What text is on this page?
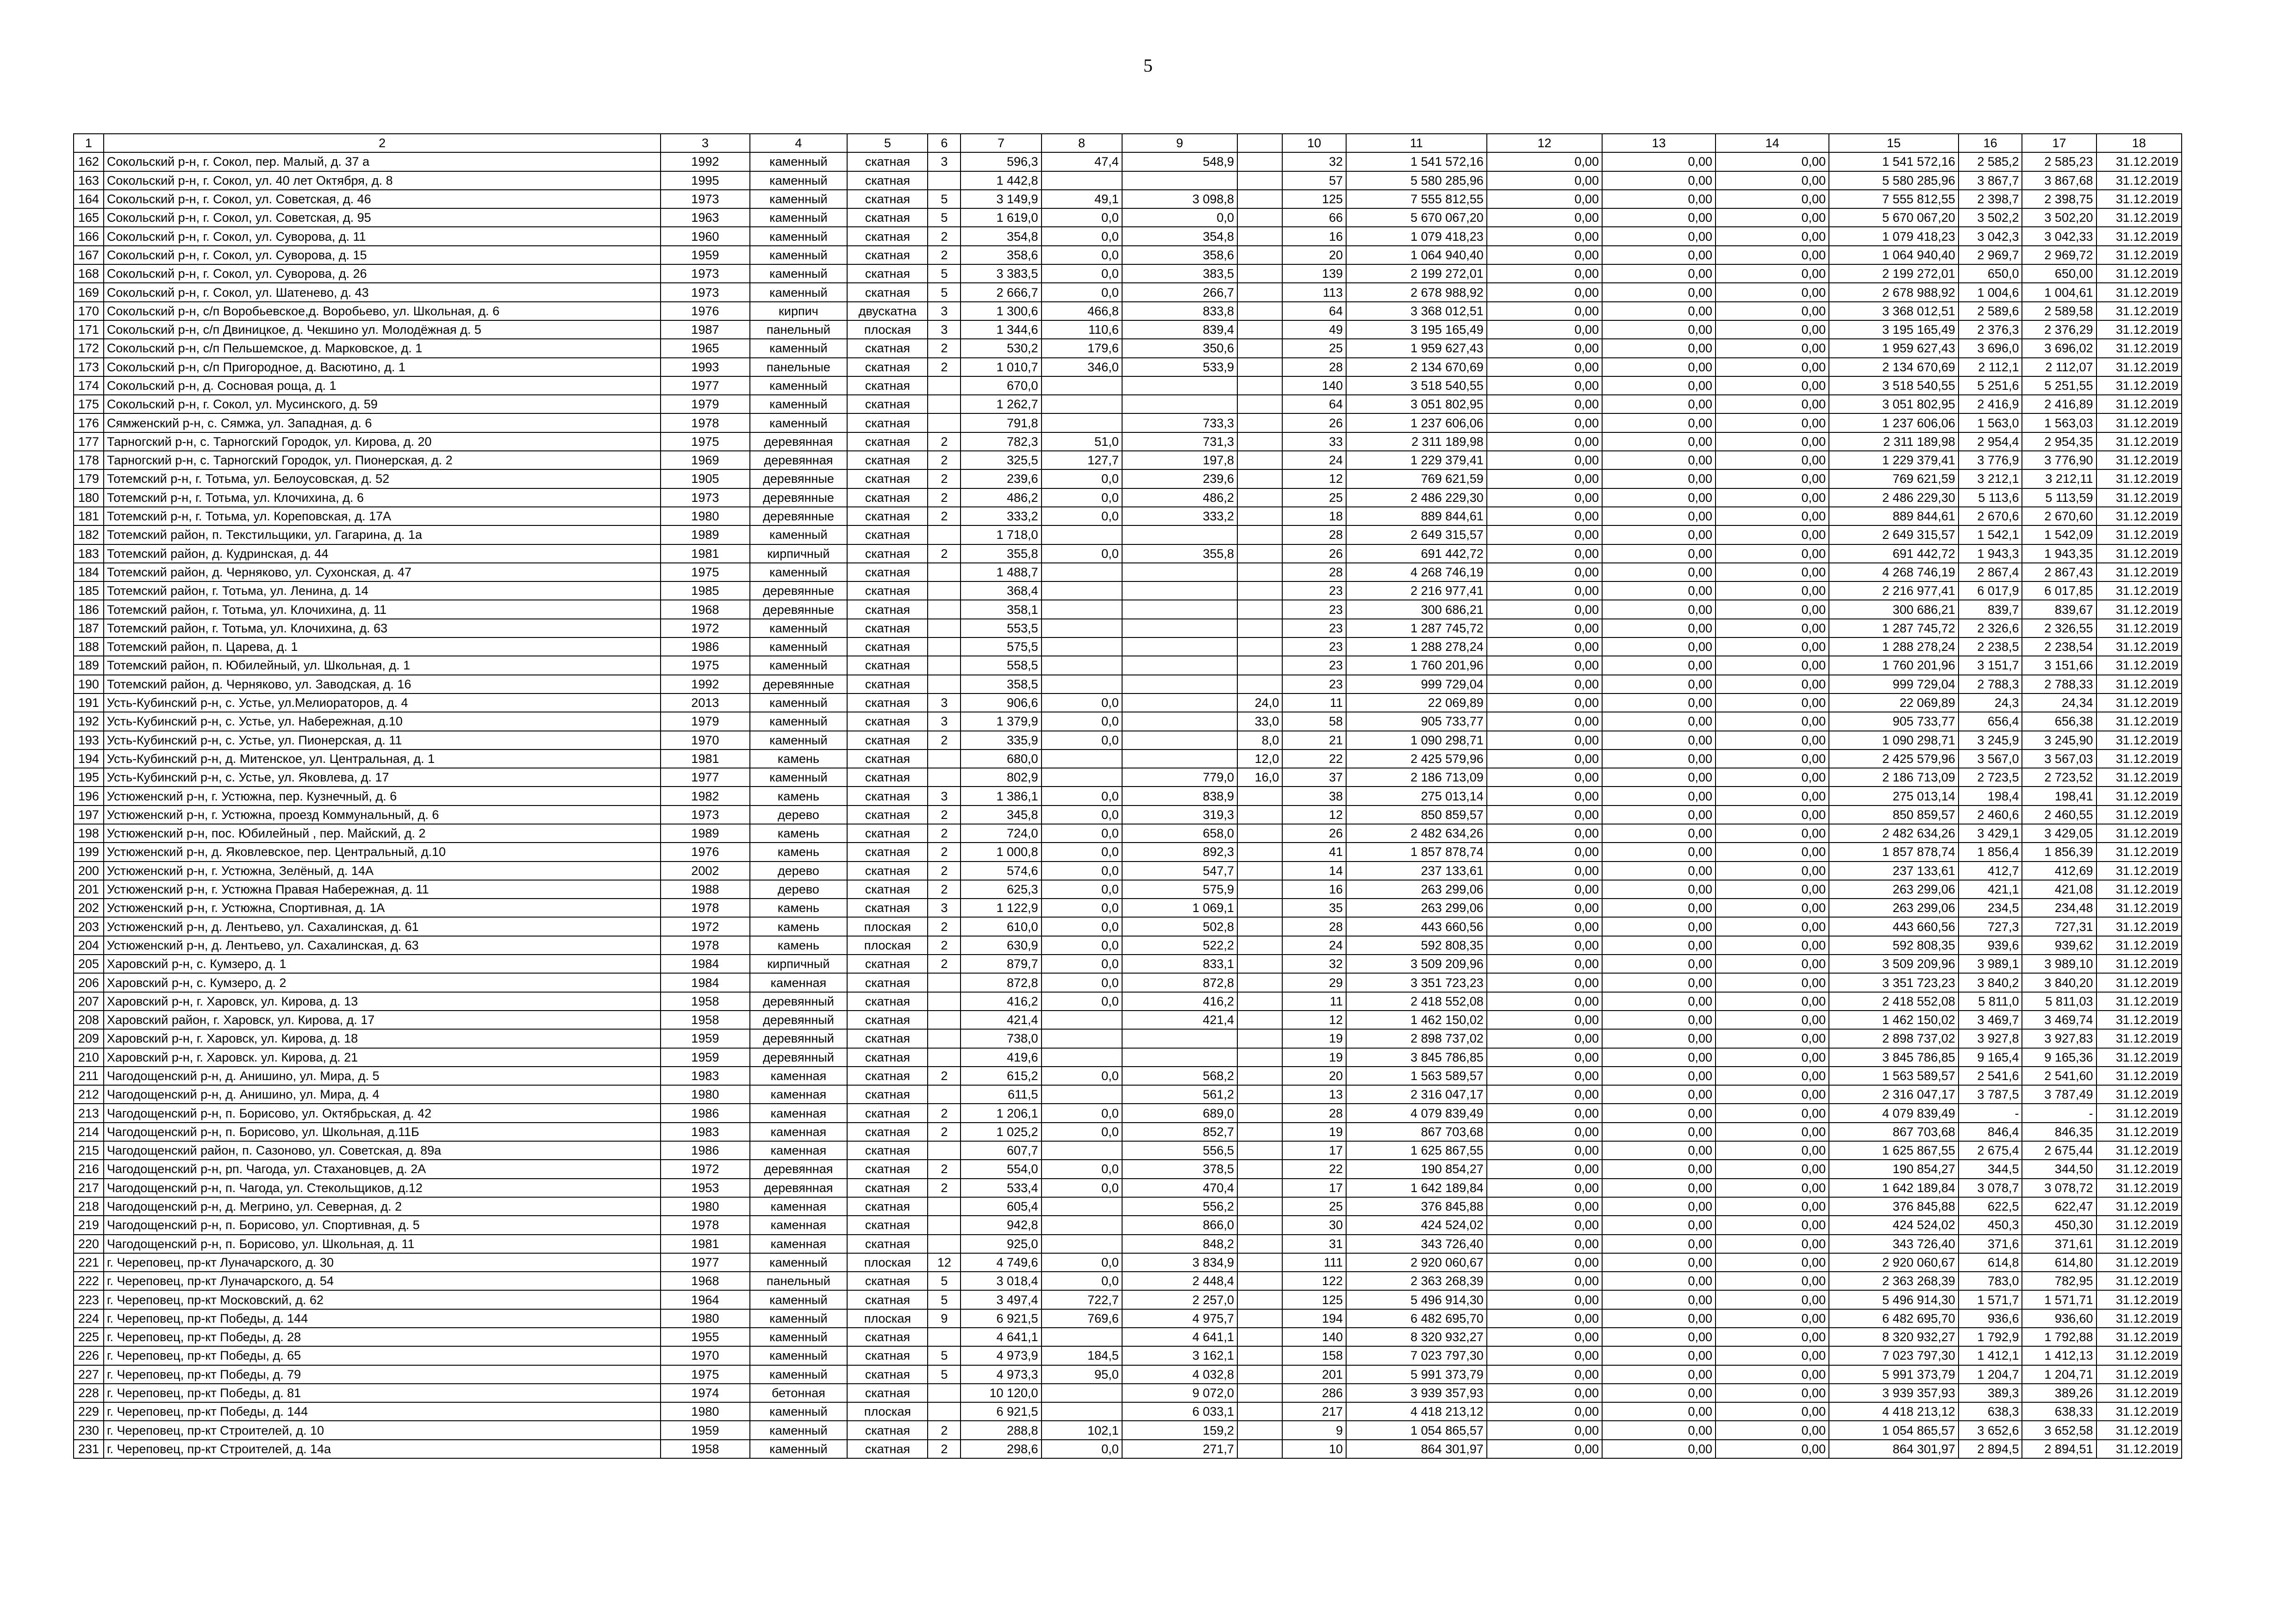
5
1	2	3	4	5	6	7	8	9		10	11	12	13	14	15	16	17	18
162	Сокольский р-н, г. Сокол, пер. Малый, д. 37 а	1992	каменный	скатная	3	596,3	47,4	548,9		32	1 541 572,16	0,00	0,00	0,00	1 541 572,16	2 585,2	2 585,23	31.12.2019
163	Сокольский р-н, г. Сокол, ул. 40 лет Октября, д. 8	1995	каменный	скатная		1 442,8				57	5 580 285,96	0,00	0,00	0,00	5 580 285,96	3 867,7	3 867,68	31.12.2019
164	Сокольский р-н, г. Сокол, ул. Советская, д. 46	1973	каменный	скатная	5	3 149,9	49,1	3 098,8		125	7 555 812,55	0,00	0,00	0,00	7 555 812,55	2 398,7	2 398,75	31.12.2019
165	Сокольский р-н, г. Сокол, ул. Советская, д. 95	1963	каменный	скатная	5	1 619,0	0,0	0,0		66	5 670 067,20	0,00	0,00	0,00	5 670 067,20	3 502,2	3 502,20	31.12.2019
166	Сокольский р-н, г. Сокол, ул. Суворова, д. 11	1960	каменный	скатная	2	354,8	0,0	354,8		16	1 079 418,23	0,00	0,00	0,00	1 079 418,23	3 042,3	3 042,33	31.12.2019
167	Сокольский р-н, г. Сокол, ул. Суворова, д. 15	1959	каменный	скатная	2	358,6	0,0	358,6		20	1 064 940,40	0,00	0,00	0,00	1 064 940,40	2 969,7	2 969,72	31.12.2019
168	Сокольский р-н, г. Сокол, ул. Суворова, д. 26	1973	каменный	скатная	5	3 383,5	0,0	383,5		139	2 199 272,01	0,00	0,00	0,00	2 199 272,01	650,0	650,00	31.12.2019
169	Сокольский р-н, г. Сокол, ул. Шатенево, д. 43	1973	каменный	скатная	5	2 666,7	0,0	266,7		113	2 678 988,92	0,00	0,00	0,00	2 678 988,92	1 004,6	1 004,61	31.12.2019
170	Сокольский р-н, с/п Воробьевское,д. Воробьево, ул. Школьная, д. 6	1976	кирпич	двускатна	3	1 300,6	466,8	833,8		64	3 368 012,51	0,00	0,00	0,00	3 368 012,51	2 589,6	2 589,58	31.12.2019
171	Сокольский р-н, с/п Двиницкое, д. Чекшино ул. Молодёжная д. 5	1987	панельный	плоская	3	1 344,6	110,6	839,4		49	3 195 165,49	0,00	0,00	0,00	3 195 165,49	2 376,3	2 376,29	31.12.2019
172	Сокольский р-н, с/п Пельшемское, д. Марковское, д. 1	1965	каменный	скатная	2	530,2	179,6	350,6		25	1 959 627,43	0,00	0,00	0,00	1 959 627,43	3 696,0	3 696,02	31.12.2019
173	Сокольский р-н, с/п Пригородное, д. Васютино, д. 1	1993	панельные	скатная	2	1 010,7	346,0	533,9		28	2 134 670,69	0,00	0,00	0,00	2 134 670,69	2 112,1	2 112,07	31.12.2019
174	Сокольский р-н, д. Сосновая роща, д. 1	1977	каменный	скатная		670,0				140	3 518 540,55	0,00	0,00	0,00	3 518 540,55	5 251,6	5 251,55	31.12.2019
175	Сокольский р-н, г. Сокол, ул. Мусинского, д. 59	1979	каменный	скатная		1 262,7				64	3 051 802,95	0,00	0,00	0,00	3 051 802,95	2 416,9	2 416,89	31.12.2019
176	Сямженский р-н, с. Сямжа, ул. Западная, д. 6	1978	каменный	скатная		791,8		733,3		26	1 237 606,06	0,00	0,00	0,00	1 237 606,06	1 563,0	1 563,03	31.12.2019
177	Тарногский р-н, с. Тарногский Городок, ул. Кирова, д. 20	1975	деревянная	скатная	2	782,3	51,0	731,3		33	2 311 189,98	0,00	0,00	0,00	2 311 189,98	2 954,4	2 954,35	31.12.2019
178	Тарногский р-н, с. Тарногский Городок, ул. Пионерская, д. 2	1969	деревянная	скатная	2	325,5	127,7	197,8		24	1 229 379,41	0,00	0,00	0,00	1 229 379,41	3 776,9	3 776,90	31.12.2019
179	Тотемский р-н, г. Тотьма, ул. Белоусовская, д. 52	1905	деревянные	скатная	2	239,6	0,0	239,6		12	769 621,59	0,00	0,00	0,00	769 621,59	3 212,1	3 212,11	31.12.2019
180	Тотемский р-н, г. Тотьма, ул. Клочихина, д. 6	1973	деревянные	скатная	2	486,2	0,0	486,2		25	2 486 229,30	0,00	0,00	0,00	2 486 229,30	5 113,6	5 113,59	31.12.2019
181	Тотемский р-н, г. Тотьма, ул. Кореповская, д. 17А	1980	деревянные	скатная	2	333,2	0,0	333,2		18	889 844,61	0,00	0,00	0,00	889 844,61	2 670,6	2 670,60	31.12.2019
182	Тотемский район, п. Текстильщики, ул. Гагарина, д. 1а	1989	каменный	скатная		1 718,0				28	2 649 315,57	0,00	0,00	0,00	2 649 315,57	1 542,1	1 542,09	31.12.2019
183	Тотемский район, д. Кудринская, д. 44	1981	кирпичный	скатная	2	355,8	0,0	355,8		26	691 442,72	0,00	0,00	0,00	691 442,72	1 943,3	1 943,35	31.12.2019
184	Тотемский район, д. Черняково, ул. Сухонская, д. 47	1975	каменный	скатная		1 488,7				28	4 268 746,19	0,00	0,00	0,00	4 268 746,19	2 867,4	2 867,43	31.12.2019
185	Тотемский район, г. Тотьма, ул. Ленина, д. 14	1985	деревянные	скатная		368,4				23	2 216 977,41	0,00	0,00	0,00	2 216 977,41	6 017,9	6 017,85	31.12.2019
186	Тотемский район, г. Тотьма, ул. Клочихина, д. 11	1968	деревянные	скатная		358,1				23	300 686,21	0,00	0,00	0,00	300 686,21	839,7	839,67	31.12.2019
187	Тотемский район, г. Тотьма, ул. Клочихина, д. 63	1972	каменный	скатная		553,5				23	1 287 745,72	0,00	0,00	0,00	1 287 745,72	2 326,6	2 326,55	31.12.2019
188	Тотемский район, п. Царева, д. 1	1986	каменный	скатная		575,5				23	1 288 278,24	0,00	0,00	0,00	1 288 278,24	2 238,5	2 238,54	31.12.2019
189	Тотемский район, п. Юбилейный, ул. Школьная, д. 1	1975	каменный	скатная		558,5				23	1 760 201,96	0,00	0,00	0,00	1 760 201,96	3 151,7	3 151,66	31.12.2019
190	Тотемский район, д. Черняково, ул. Заводская, д. 16	1992	деревянные	скатная		358,5				23	999 729,04	0,00	0,00	0,00	999 729,04	2 788,3	2 788,33	31.12.2019
191	Усть-Кубинский р-н, с. Устье, ул.Мелиораторов, д. 4	2013	каменный	скатная	3	906,6	0,0		24,0	11	22 069,89	0,00	0,00	0,00	22 069,89	24,3	24,34	31.12.2019
192	Усть-Кубинский р-н, с. Устье, ул. Набережная, д.10	1979	каменный	скатная	3	1 379,9	0,0		33,0	58	905 733,77	0,00	0,00	0,00	905 733,77	656,4	656,38	31.12.2019
193	Усть-Кубинский р-н, с. Устье, ул. Пионерская, д. 11	1970	каменный	скатная	2	335,9	0,0		8,0	21	1 090 298,71	0,00	0,00	0,00	1 090 298,71	3 245,9	3 245,90	31.12.2019
194	Усть-Кубинский р-н, д. Митенское, ул. Центральная, д. 1	1981	камень	скатная		680,0			12,0	22	2 425 579,96	0,00	0,00	0,00	2 425 579,96	3 567,0	3 567,03	31.12.2019
195	Усть-Кубинский р-н, с. Устье, ул. Яковлева, д. 17	1977	каменный	скатная		802,9		779,0	16,0	37	2 186 713,09	0,00	0,00	0,00	2 186 713,09	2 723,5	2 723,52	31.12.2019
196	Устюженский р-н, г. Устюжна, пер. Кузнечный, д. 6	1982	камень	скатная	3	1 386,1	0,0	838,9		38	275 013,14	0,00	0,00	0,00	275 013,14	198,4	198,41	31.12.2019
197	Устюженский р-н, г. Устюжна, проезд Коммунальный, д. 6	1973	дерево	скатная	2	345,8	0,0	319,3		12	850 859,57	0,00	0,00	0,00	850 859,57	2 460,6	2 460,55	31.12.2019
198	Устюженский р-н, пос. Юбилейный , пер. Майский, д. 2	1989	камень	скатная	2	724,0	0,0	658,0		26	2 482 634,26	0,00	0,00	0,00	2 482 634,26	3 429,1	3 429,05	31.12.2019
199	Устюженский р-н, д. Яковлевское, пер. Центральный, д.10	1976	камень	скатная	2	1 000,8	0,0	892,3		41	1 857 878,74	0,00	0,00	0,00	1 857 878,74	1 856,4	1 856,39	31.12.2019
200	Устюженский р-н, г. Устюжна, Зелёный, д. 14А	2002	дерево	скатная	2	574,6	0,0	547,7		14	237 133,61	0,00	0,00	0,00	237 133,61	412,7	412,69	31.12.2019
201	Устюженский р-н, г. Устюжна Правая Набережная, д. 11	1988	дерево	скатная	2	625,3	0,0	575,9		16	263 299,06	0,00	0,00	0,00	263 299,06	421,1	421,08	31.12.2019
202	Устюженский р-н, г. Устюжна, Спортивная, д. 1А	1978	камень	скатная	3	1 122,9	0,0	1 069,1		35	263 299,06	0,00	0,00	0,00	263 299,06	234,5	234,48	31.12.2019
203	Устюженский р-н, д. Лентьево, ул. Сахалинская, д. 61	1972	камень	плоская	2	610,0	0,0	502,8		28	443 660,56	0,00	0,00	0,00	443 660,56	727,3	727,31	31.12.2019
204	Устюженский р-н, д. Лентьево, ул. Сахалинская, д. 63	1978	камень	плоская	2	630,9	0,0	522,2		24	592 808,35	0,00	0,00	0,00	592 808,35	939,6	939,62	31.12.2019
205	Харовский р-н, с. Кумзеро, д. 1	1984	кирпичный	скатная	2	879,7	0,0	833,1		32	3 509 209,96	0,00	0,00	0,00	3 509 209,96	3 989,1	3 989,10	31.12.2019
206	Харовский р-н, с. Кумзеро, д. 2	1984	каменная	скатная		872,8	0,0	872,8		29	3 351 723,23	0,00	0,00	0,00	3 351 723,23	3 840,2	3 840,20	31.12.2019
207	Харовский р-н, г. Харовск, ул. Кирова, д. 13	1958	деревянный	скатная		416,2	0,0	416,2		11	2 418 552,08	0,00	0,00	0,00	2 418 552,08	5 811,0	5 811,03	31.12.2019
208	Харовский район, г. Харовск, ул. Кирова, д. 17	1958	деревянный	скатная		421,4		421,4		12	1 462 150,02	0,00	0,00	0,00	1 462 150,02	3 469,7	3 469,74	31.12.2019
209	Харовский р-н, г. Харовск, ул. Кирова, д. 18	1959	деревянный	скатная		738,0				19	2 898 737,02	0,00	0,00	0,00	2 898 737,02	3 927,8	3 927,83	31.12.2019
210	Харовский р-н, г. Харовск. ул. Кирова, д. 21	1959	деревянный	скатная		419,6				19	3 845 786,85	0,00	0,00	0,00	3 845 786,85	9 165,4	9 165,36	31.12.2019
211	Чагодощенский р-н, д. Анишино, ул. Мира, д. 5	1983	каменная	скатная	2	615,2	0,0	568,2		20	1 563 589,57	0,00	0,00	0,00	1 563 589,57	2 541,6	2 541,60	31.12.2019
212	Чагодощенский р-н, д. Анишино, ул. Мира, д. 4	1980	каменная	скатная		611,5		561,2		13	2 316 047,17	0,00	0,00	0,00	2 316 047,17	3 787,5	3 787,49	31.12.2019
213	Чагодощенский р-н, п. Борисово, ул. Октябрьская, д. 42	1986	каменная	скатная	2	1 206,1	0,0	689,0		28	4 079 839,49	0,00	0,00	0,00	4 079 839,49	-	-	31.12.2019
214	Чагодощенский р-н, п. Борисово, ул. Школьная, д.11Б	1983	каменная	скатная	2	1 025,2	0,0	852,7		19	867 703,68	0,00	0,00	0,00	867 703,68	846,4	846,35	31.12.2019
215	Чагодощенский район, п. Сазоново, ул. Советская, д. 89а	1986	каменная	скатная		607,7		556,5		17	1 625 867,55	0,00	0,00	0,00	1 625 867,55	2 675,4	2 675,44	31.12.2019
216	Чагодощенский р-н, рп. Чагода, ул. Стахановцев, д. 2А	1972	деревянная	скатная	2	554,0	0,0	378,5		22	190 854,27	0,00	0,00	0,00	190 854,27	344,5	344,50	31.12.2019
217	Чагодощенский р-н, п. Чагода, ул. Стекольщиков, д.12	1953	деревянная	скатная	2	533,4	0,0	470,4		17	1 642 189,84	0,00	0,00	0,00	1 642 189,84	3 078,7	3 078,72	31.12.2019
218	Чагодощенский р-н, д. Мегрино, ул. Северная, д. 2	1980	каменная	скатная		605,4		556,2		25	376 845,88	0,00	0,00	0,00	376 845,88	622,5	622,47	31.12.2019
219	Чагодощенский р-н, п. Борисово, ул. Спортивная, д. 5	1978	каменная	скатная		942,8		866,0		30	424 524,02	0,00	0,00	0,00	424 524,02	450,3	450,30	31.12.2019
220	Чагодощенский р-н, п. Борисово, ул. Школьная, д. 11	1981	каменная	скатная		925,0		848,2		31	343 726,40	0,00	0,00	0,00	343 726,40	371,6	371,61	31.12.2019
221	г. Череповец, пр-кт Луначарского, д. 30	1977	каменный	плоская	12	4 749,6	0,0	3 834,9		111	2 920 060,67	0,00	0,00	0,00	2 920 060,67	614,8	614,80	31.12.2019
222	г. Череповец, пр-кт Луначарского, д. 54	1968	панельный	скатная	5	3 018,4	0,0	2 448,4		122	2 363 268,39	0,00	0,00	0,00	2 363 268,39	783,0	782,95	31.12.2019
223	г. Череповец, пр-кт Московский, д. 62	1964	каменный	скатная	5	3 497,4	722,7	2 257,0		125	5 496 914,30	0,00	0,00	0,00	5 496 914,30	1 571,7	1 571,71	31.12.2019
224	г. Череповец, пр-кт Победы, д. 144	1980	каменный	плоская	9	6 921,5	769,6	4 975,7		194	6 482 695,70	0,00	0,00	0,00	6 482 695,70	936,6	936,60	31.12.2019
225	г. Череповец, пр-кт Победы, д. 28	1955	каменный	скатная		4 641,1		4 641,1		140	8 320 932,27	0,00	0,00	0,00	8 320 932,27	1 792,9	1 792,88	31.12.2019
226	г. Череповец, пр-кт Победы, д. 65	1970	каменный	скатная	5	4 973,9	184,5	3 162,1		158	7 023 797,30	0,00	0,00	0,00	7 023 797,30	1 412,1	1 412,13	31.12.2019
227	г. Череповец, пр-кт Победы, д. 79	1975	каменный	скатная	5	4 973,3	95,0	4 032,8		201	5 991 373,79	0,00	0,00	0,00	5 991 373,79	1 204,7	1 204,71	31.12.2019
228	г. Череповец, пр-кт Победы, д. 81	1974	бетонная	скатная		10 120,0		9 072,0		286	3 939 357,93	0,00	0,00	0,00	3 939 357,93	389,3	389,26	31.12.2019
229	г. Череповец, пр-кт Победы, д. 144	1980	каменный	плоская		6 921,5		6 033,1		217	4 418 213,12	0,00	0,00	0,00	4 418 213,12	638,3	638,33	31.12.2019
230	г. Череповец, пр-кт Строителей, д. 10	1959	каменный	скатная	2	288,8	102,1	159,2		9	1 054 865,57	0,00	0,00	0,00	1 054 865,57	3 652,6	3 652,58	31.12.2019
231	г. Череповец, пр-кт Строителей, д. 14а	1958	каменный	скатная	2	298,6	0,0	271,7		10	864 301,97	0,00	0,00	0,00	864 301,97	2 894,5	2 894,51	31.12.2019
